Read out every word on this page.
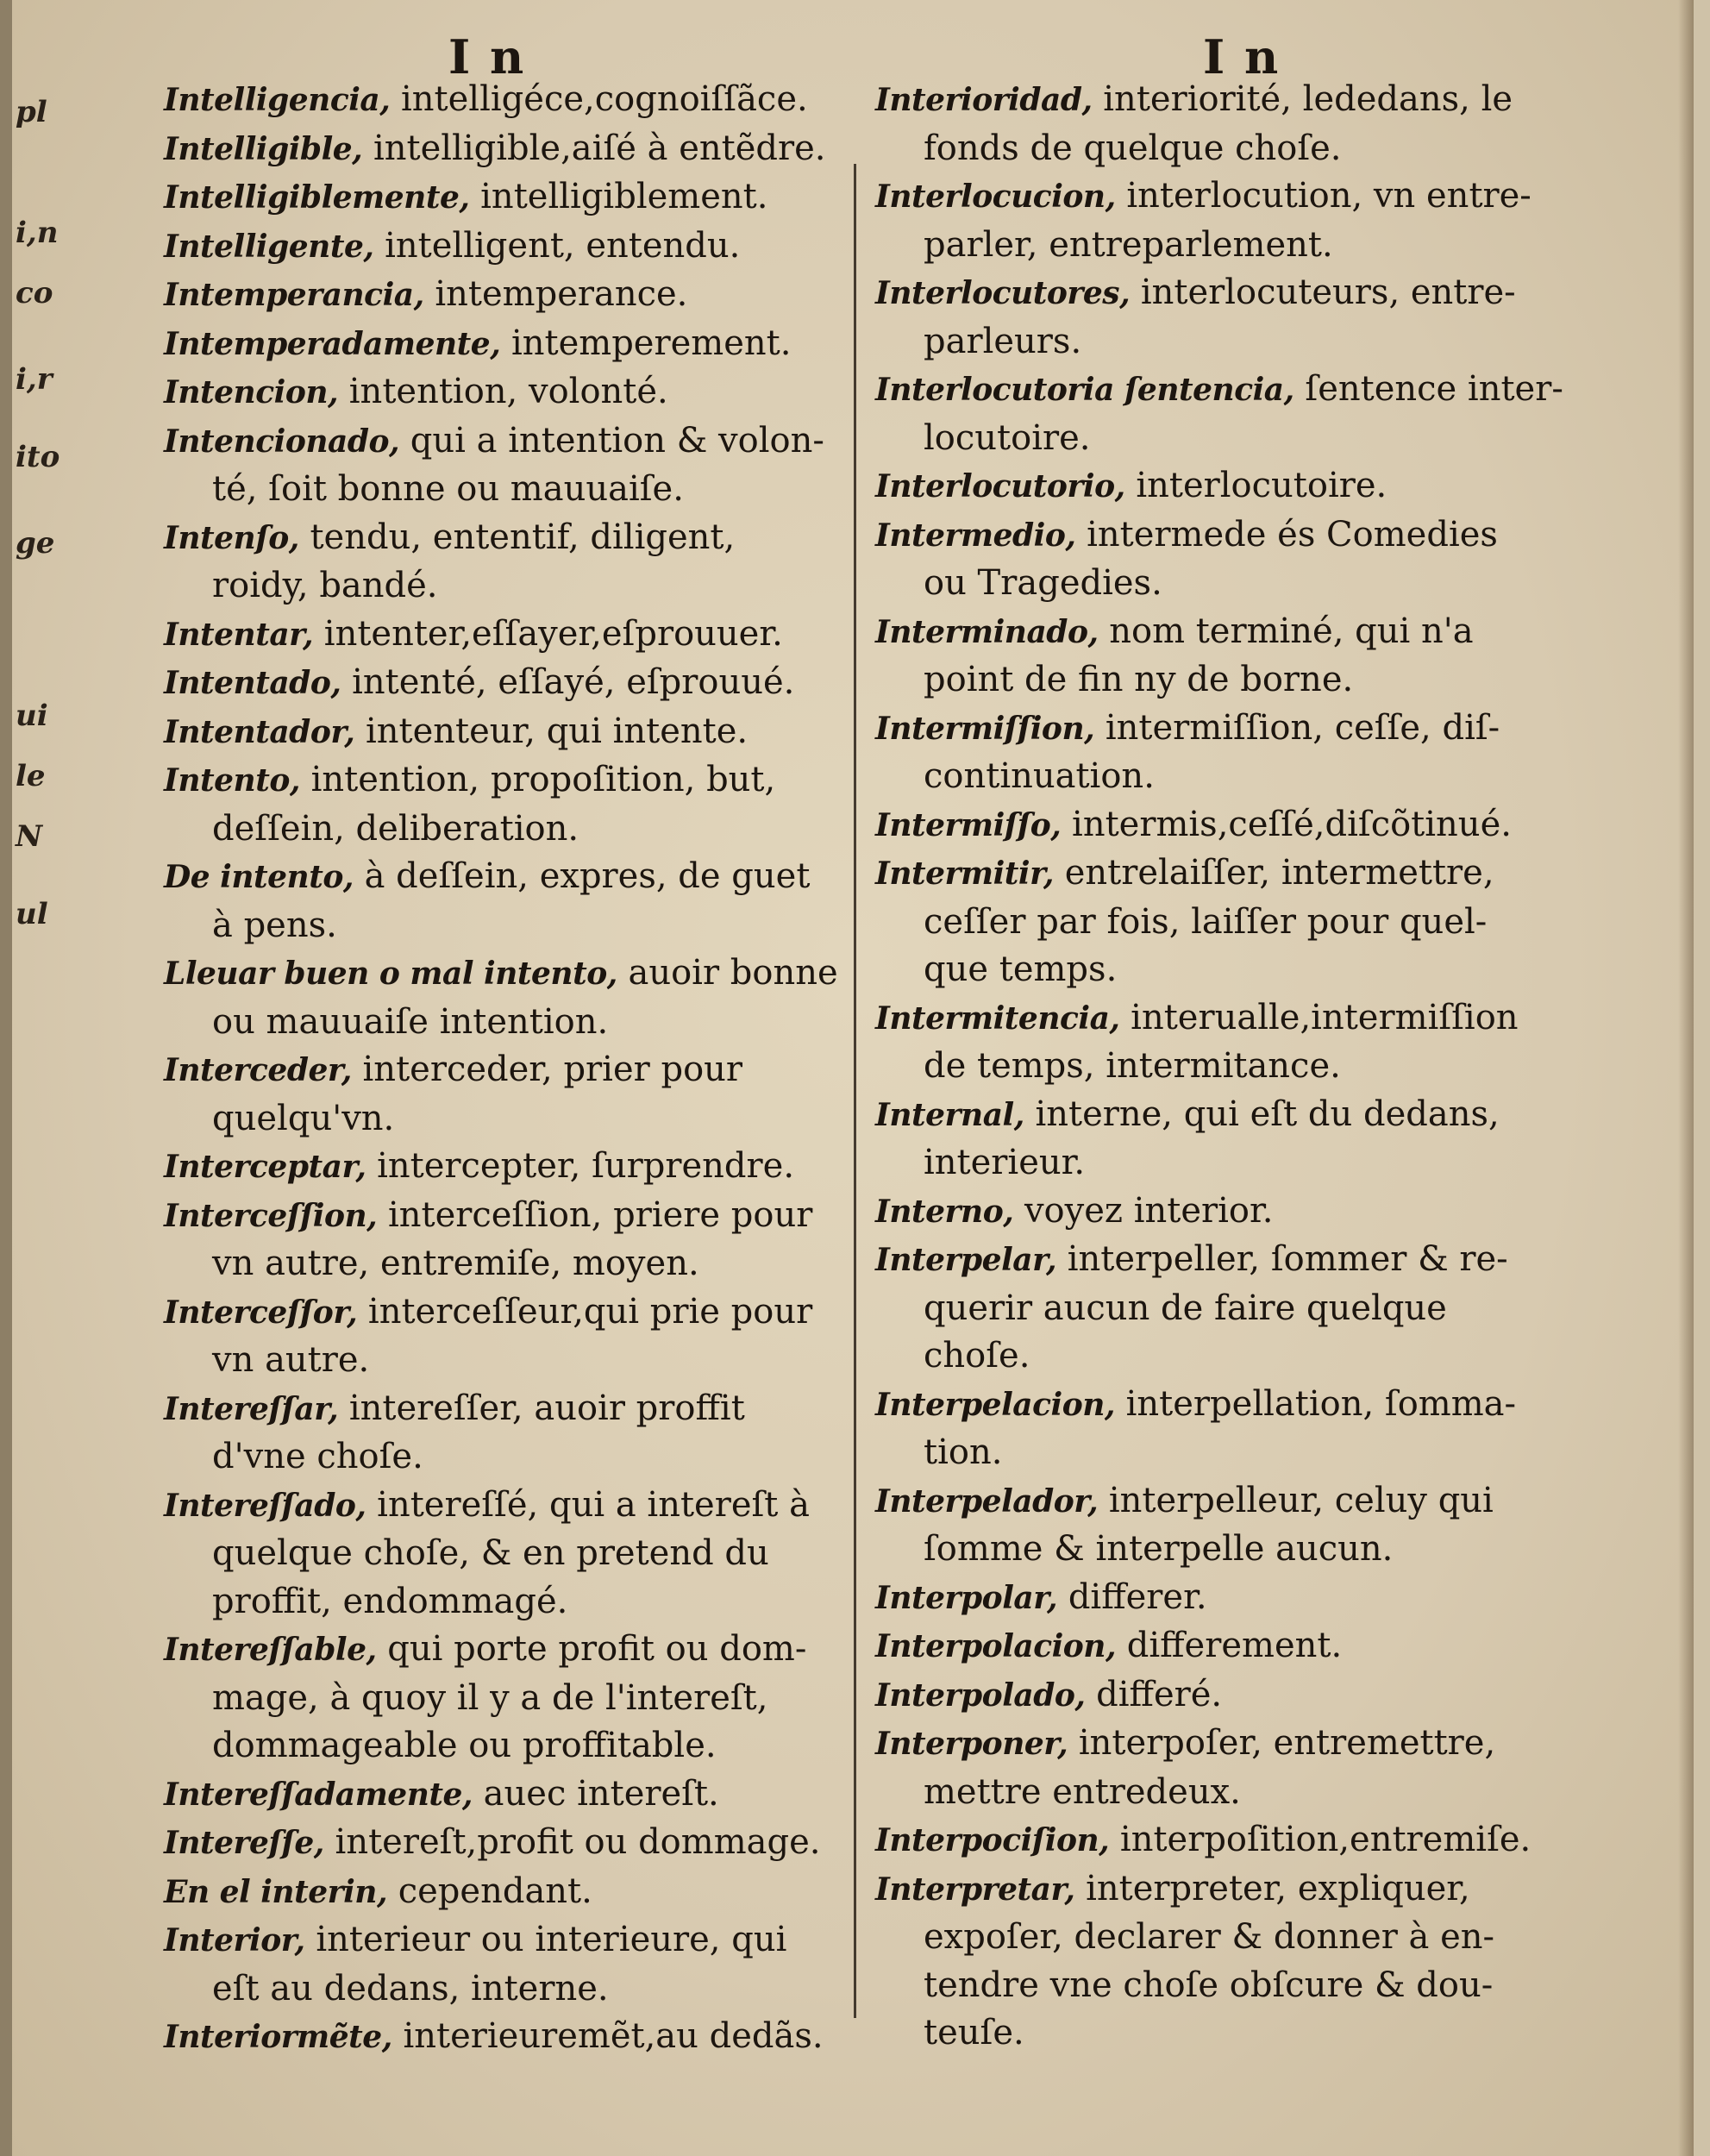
pl
i,n
co
i,r
ito
ge
ui
le
N
ul
I n	I n

Intelligencia, intelligéce,cognoiſſãce.

Intelligible, intelligible,aiſé à entẽdre.

Intelligiblemente, intelligiblement.

Intelligente, intelligent, entendu.

Intemperancia, intemperance.

Intemperadamente, intemperement.

Intencion, intention, volonté.

Intencionado, qui a intention & volon-
té, ſoit bonne ou mauuaiſe.

Intenſo, tendu, ententif, diligent,
roidy, bandé.

Intentar, intenter,eſſayer,eſprouuer.

Intentado, intenté, eſſayé, eſprouué.

Intentador, intenteur, qui intente.

Intento, intention, propoſition, but,
deſſein, deliberation.

De intento, à deſſein, expres, de guet
à pens.

Lleuar buen o mal intento, auoir bonne
ou mauuaiſe intention.

Interceder, interceder, prier pour
quelqu'vn.

Interceptar, intercepter, ſurprendre.

Interceſſion, interceſſion, priere pour
vn autre, entremiſe, moyen.

Interceſſor, interceſſeur,qui prie pour
vn autre.

Intereſſar, intereſſer, auoir proffit
d'vne choſe.

Intereſſado, intereſſé, qui a intereſt à
quelque choſe, & en pretend du
proffit, endommagé.

Intereſſable, qui porte profit ou dom-
mage, à quoy il y a de l'intereſt,
dommageable ou proffitable.

Intereſſadamente, auec intereſt.

Intereſſe, intereſt,profit ou dommage.

En el interin, cependant.

Interior, interieur ou interieure, qui
eſt au dedans, interne.

Interiormẽte, interieuremẽt,au dedãs.

Interioridad, interiorité, lededans, le
fonds de quelque choſe.

Interlocucion, interlocution, vn entre-
parler, entreparlement.

Interlocutores, interlocuteurs, entre-
parleurs.

Interlocutoria ſentencia, ſentence inter-
locutoire.

Interlocutorio, interlocutoire.

Intermedio, intermede és Comedies
ou Tragedies.

Interminado, nom terminé, qui n'a
point de fin ny de borne.

Intermiſſion, intermiſſion, ceſſe, diſ-
continuation.

Intermiſſo, intermis,ceſſé,diſcõtinué.

Intermitir, entrelaiſſer, intermettre,
ceſſer par fois, laiſſer pour quel-
que temps.

Intermitencia, interualle,intermiſſion
de temps, intermitance.

Internal, interne, qui eſt du dedans,
interieur.

Interno, voyez interior.

Interpelar, interpeller, ſommer & re-
querir aucun de faire quelque
choſe.

Interpelacion, interpellation, ſomma-
tion.

Interpelador, interpelleur, celuy qui
ſomme & interpelle aucun.

Interpolar, differer.

Interpolacion, differement.

Interpolado, differé.

Interponer, interpoſer, entremettre,
mettre entredeux.

Interpociſion, interpoſition,entremiſe.

Interpretar, interpreter, expliquer,
expoſer, declarer & donner à en-
tendre vne choſe obſcure & dou-
teuſe.
